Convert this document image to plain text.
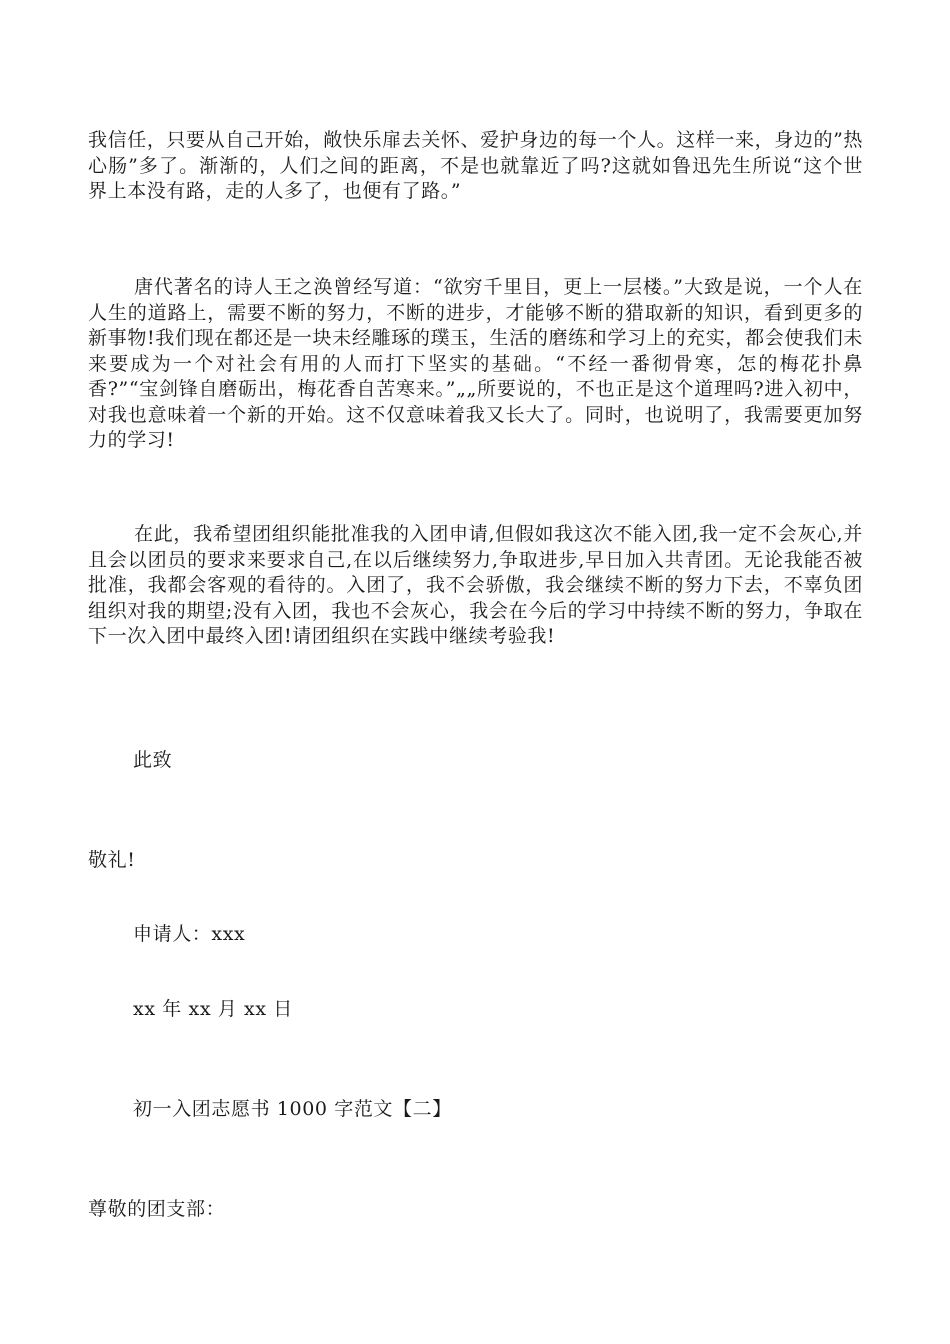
我信任，只要从自己开始，敞快乐扉去关怀、爱护身边的每一个人。这样一来，身边的”热心肠”多了。渐渐的，人们之间的距离，不是也就靠近了吗?这就如鲁迅先生所说“这个世界上本没有路，走的人多了，也便有了路。”

唐代著名的诗人王之涣曾经写道：“欲穷千里目，更上一层楼。”大致是说，一个人在人生的道路上，需要不断的努力，不断的进步，才能够不断的猎取新的知识，看到更多的新事物!我们现在都还是一块未经雕琢的璞玉，生活的磨练和学习上的充实，都会使我们未来要成为一个对社会有用的人而打下坚实的基础。“不经一番彻骨寒，怎的梅花扑鼻香?”“宝剑锋自磨砺出，梅花香自苦寒来。”„„所要说的，不也正是这个道理吗?进入初中，对我也意味着一个新的开始。这不仅意味着我又长大了。同时，也说明了，我需要更加努力的学习!

在此，我希望团组织能批准我的入团申请,但假如我这次不能入团,我一定不会灰心,并且会以团员的要求来要求自己,在以后继续努力,争取进步,早日加入共青团。无论我能否被批准，我都会客观的看待的。入团了，我不会骄傲，我会继续不断的努力下去，不辜负团组织对我的期望;没有入团，我也不会灰心，我会在今后的学习中持续不断的努力，争取在下一次入团中最终入团!请团组织在实践中继续考验我!

此致

敬礼!

申请人：xxx

xx 年 xx 月 xx 日

初一入团志愿书 1000 字范文【二】

尊敬的团支部：
